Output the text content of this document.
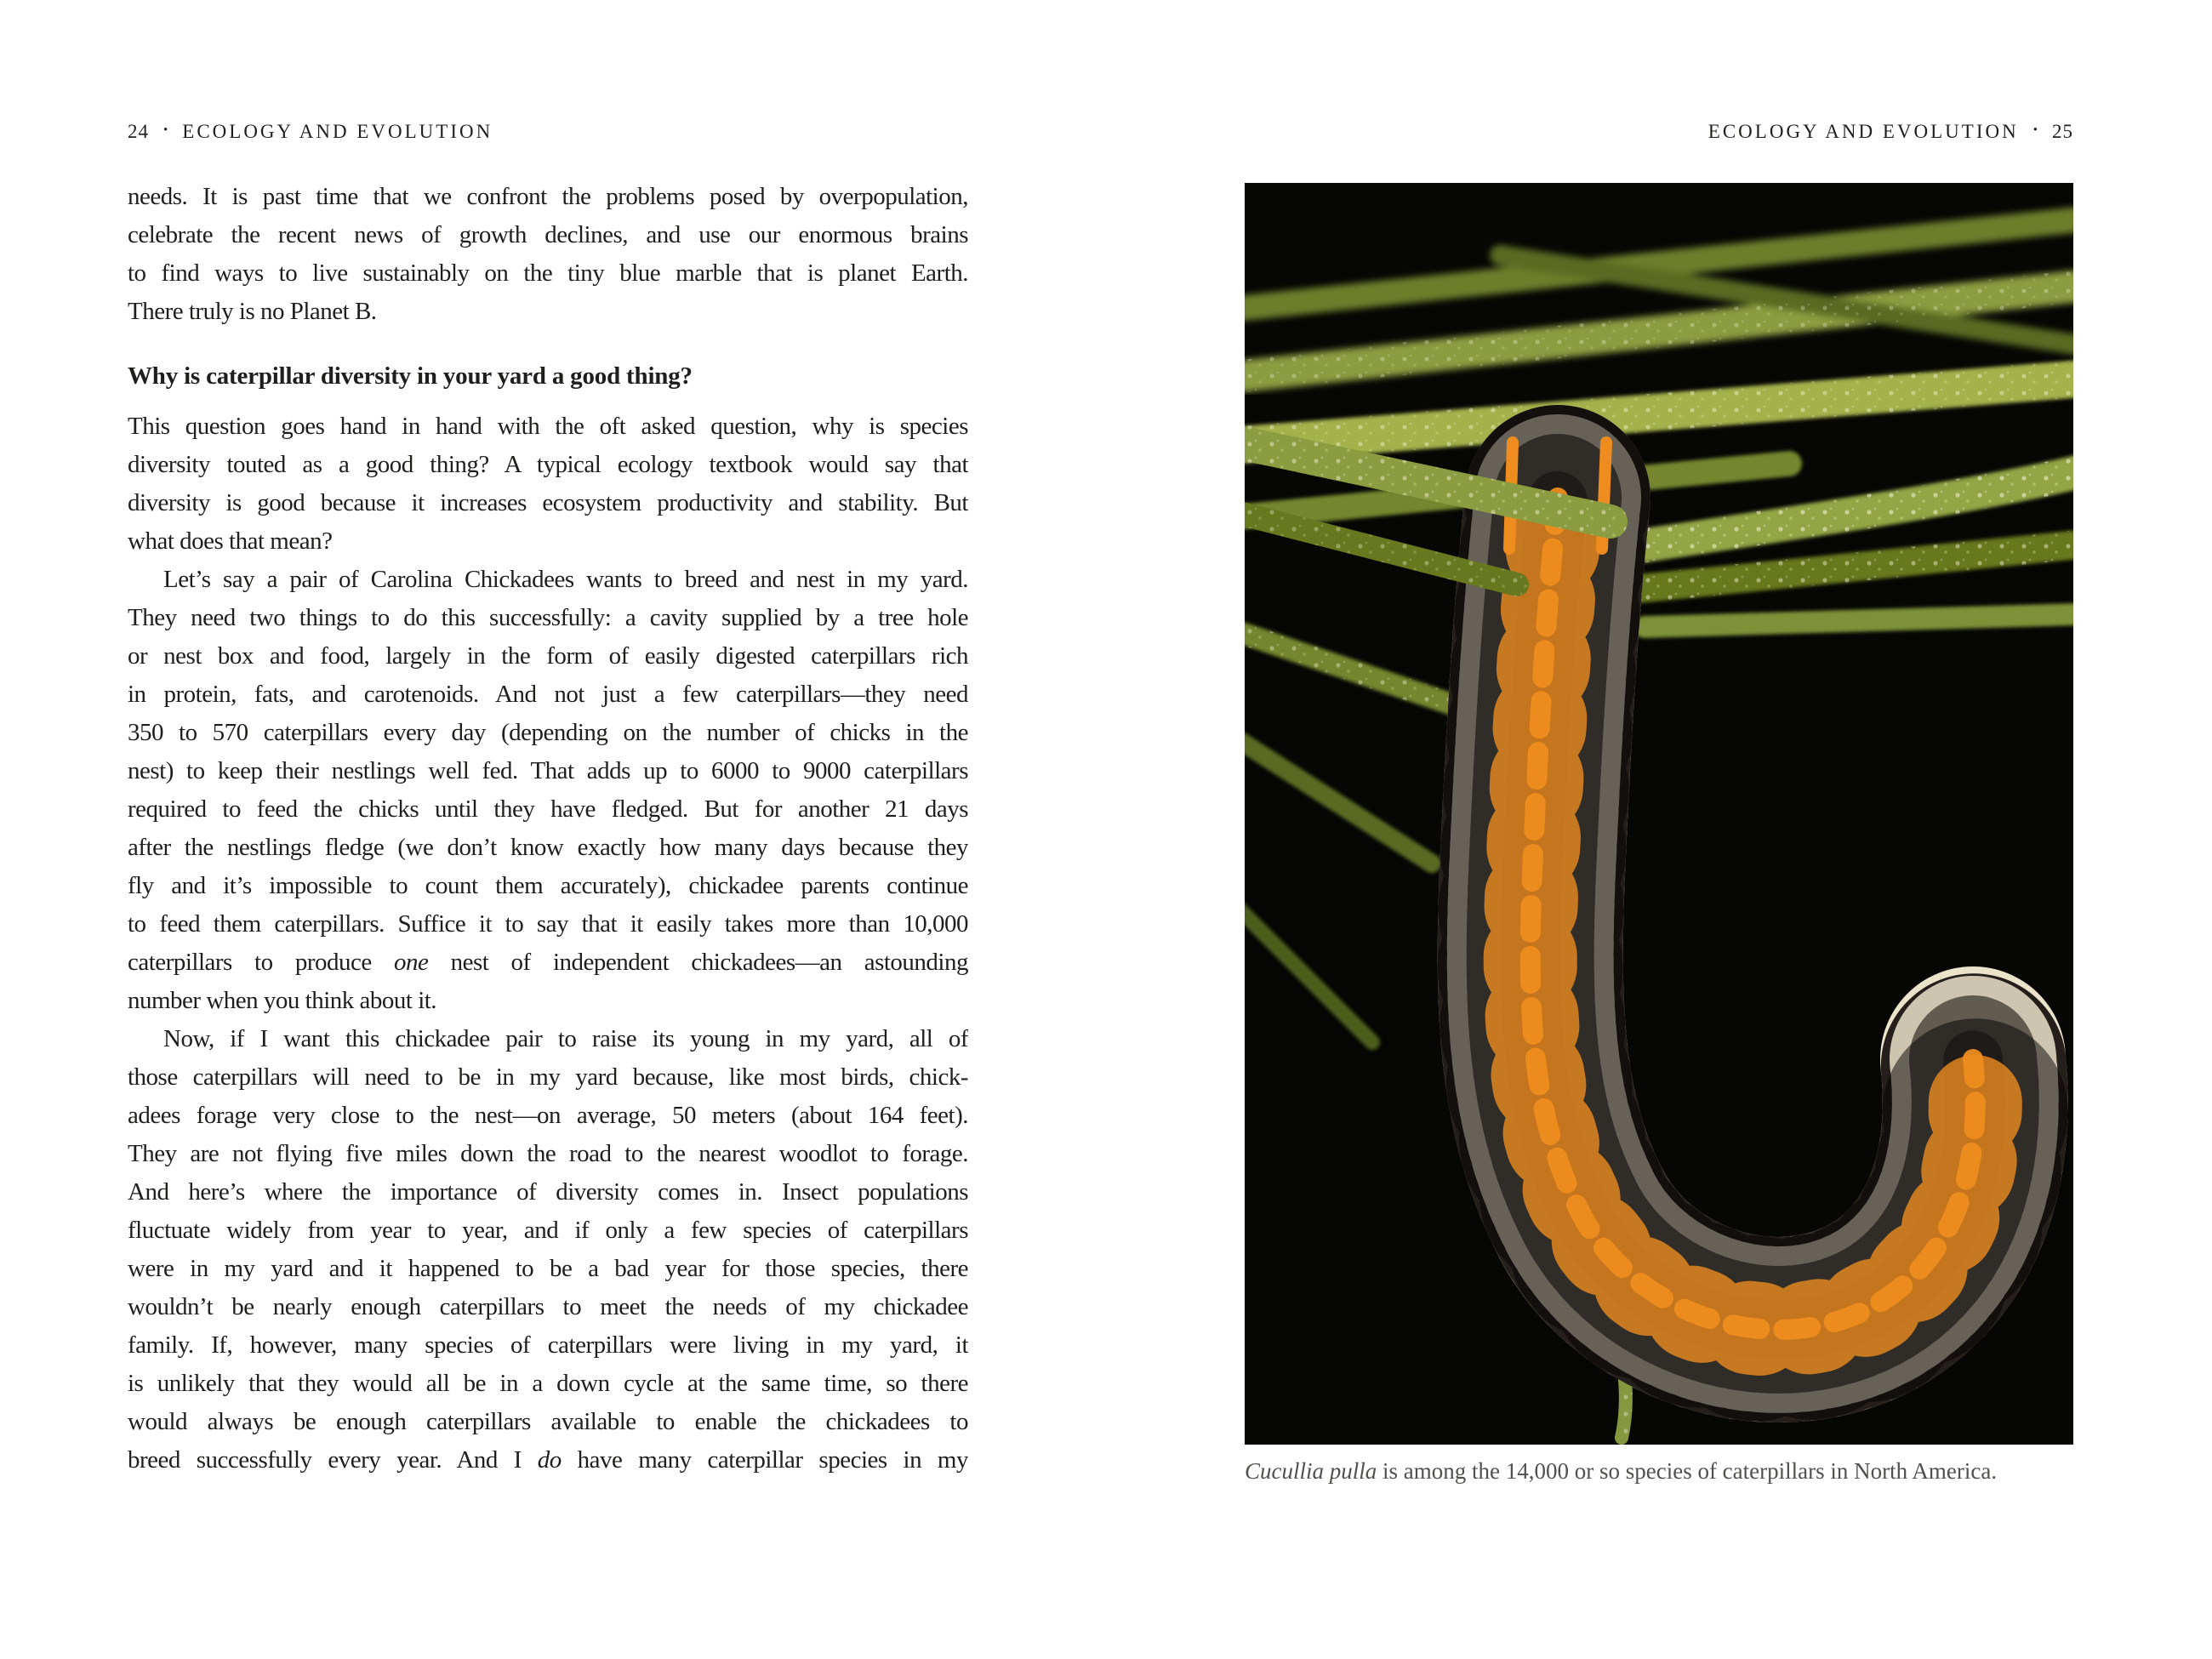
24 • ECOLOGY AND EVOLUTION
needs. It is past time that we confront the problems posed by overpopulation,
celebrate the recent news of growth declines, and use our enormous brains
to find ways to live sustainably on the tiny blue marble that is planet Earth.
There truly is no Planet B.
Why is caterpillar diversity in your yard a good thing?
This question goes hand in hand with the oft asked question, why is species
diversity touted as a good thing? A typical ecology textbook would say that
diversity is good because it increases ecosystem productivity and stability. But
what does that mean?
Let’s say a pair of Carolina Chickadees wants to breed and nest in my yard.
They need two things to do this successfully: a cavity supplied by a tree hole
or nest box and food, largely in the form of easily digested caterpillars rich
in protein, fats, and carotenoids. And not just a few caterpillars—they need
350 to 570 caterpillars every day (depending on the number of chicks in the
nest) to keep their nestlings well fed. That adds up to 6000 to 9000 caterpillars
required to feed the chicks until they have fledged. But for another 21 days
after the nestlings fledge (we don’t know exactly how many days because they
fly and it’s impossible to count them accurately), chickadee parents continue
to feed them caterpillars. Suffice it to say that it easily takes more than 10,000
caterpillars to produce one nest of independent chickadees—an astounding
number when you think about it.
Now, if I want this chickadee pair to raise its young in my yard, all of
those caterpillars will need to be in my yard because, like most birds, chick-
adees forage very close to the nest—on average, 50 meters (about 164 feet).
They are not flying five miles down the road to the nearest woodlot to forage.
And here’s where the importance of diversity comes in. Insect populations
fluctuate widely from year to year, and if only a few species of caterpillars
were in my yard and it happened to be a bad year for those species, there
wouldn’t be nearly enough caterpillars to meet the needs of my chickadee
family. If, however, many species of caterpillars were living in my yard, it
is unlikely that they would all be in a down cycle at the same time, so there
would always be enough caterpillars available to enable the chickadees to
breed successfully every year. And I do have many caterpillar species in my
ECOLOGY AND EVOLUTION • 25
Cucullia pulla is among the 14,000 or so species of caterpillars in North America.
